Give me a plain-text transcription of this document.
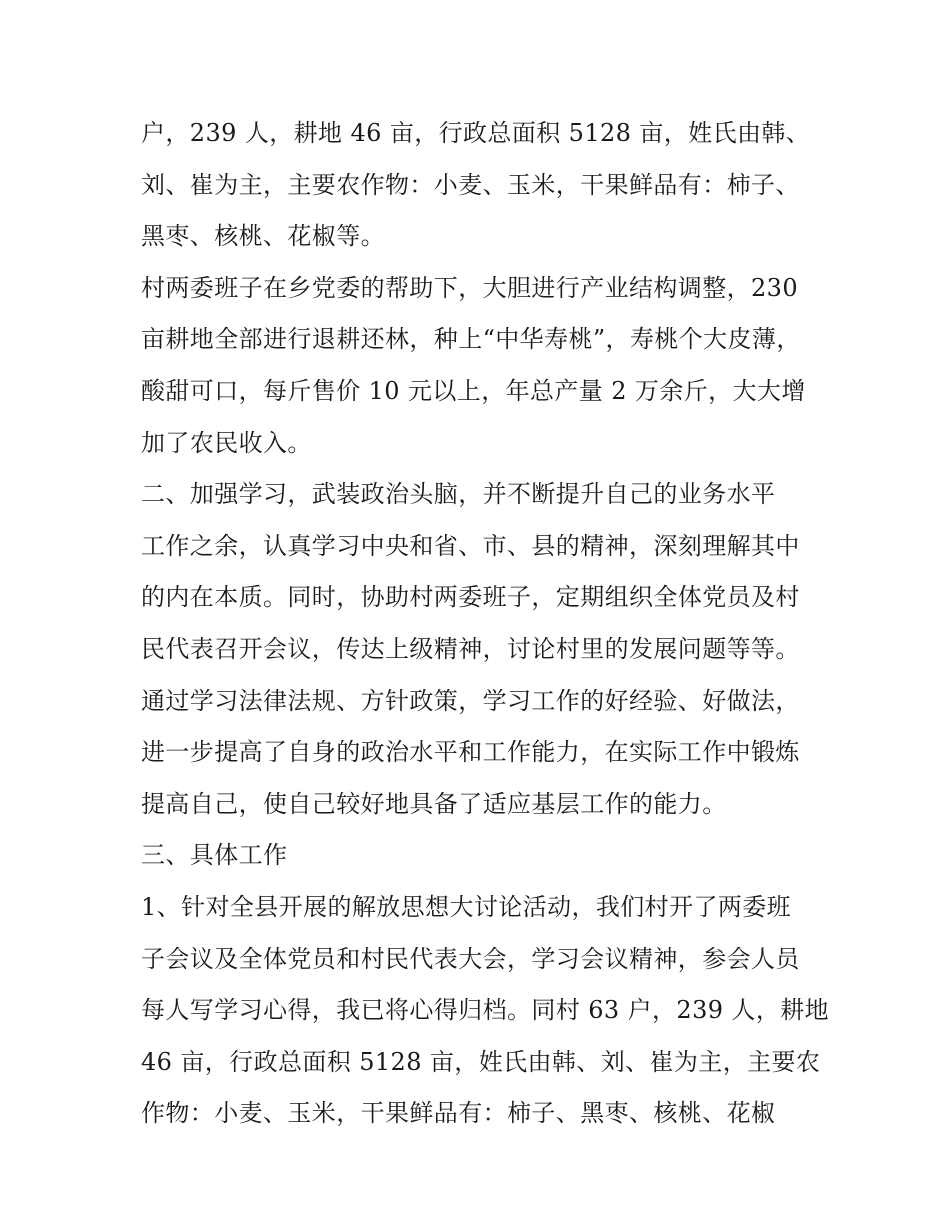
户，239 人，耕地 46 亩，行政总面积 5128 亩，姓氏由韩、
刘、崔为主，主要农作物：小麦、玉米，干果鲜品有：柿子、
黑枣、核桃、花椒等。
村两委班子在乡党委的帮助下，大胆进行产业结构调整，230
亩耕地全部进行退耕还林，种上“中华寿桃”，寿桃个大皮薄，
酸甜可口，每斤售价 10 元以上，年总产量 2 万余斤，大大增
加了农民收入。
二、加强学习，武装政治头脑，并不断提升自己的业务水平
工作之余，认真学习中央和省、市、县的精神，深刻理解其中
的内在本质。同时，协助村两委班子，定期组织全体党员及村
民代表召开会议，传达上级精神，讨论村里的发展问题等等。
通过学习法律法规、方针政策，学习工作的好经验、好做法，
进一步提高了自身的政治水平和工作能力，在实际工作中锻炼
提高自己，使自己较好地具备了适应基层工作的能力。
三、具体工作
1、针对全县开展的解放思想大讨论活动，我们村开了两委班
子会议及全体党员和村民代表大会，学习会议精神，参会人员
每人写学习心得，我已将心得归档。同村 63 户，239 人，耕地
46 亩，行政总面积 5128 亩，姓氏由韩、刘、崔为主，主要农
作物：小麦、玉米，干果鲜品有：柿子、黑枣、核桃、花椒
